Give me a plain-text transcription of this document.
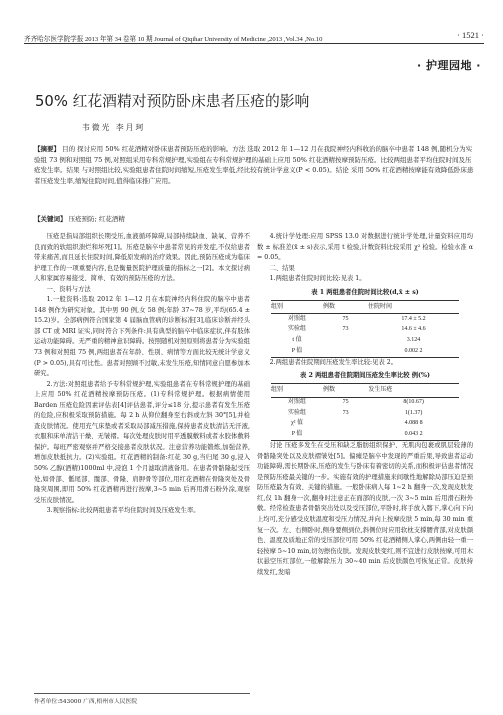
齐齐哈尔医学院学报 2013 年第 34 卷第 10 期 Journal of Qiqihar University of Medicine ,2013 ,Vol.34 ,No.10	· 1521 ·
· 护理园地 ·
50% 红花酒精对预防卧床患者压疮的影响
韦微光 李月珂
【摘要】 目的 探讨应用 50% 红花酒精对卧床患者预防压疮的影响。方法 选取 2012 年 1—12 月在我院神经内科收治的脑卒中患者 148 例,随机分为实验组 73 例和对照组 75 例,对照组采用专科常规护理,实验组在专科常规护理的基础上应用 50% 红花酒精按摩预防压疮。比较两组患者平均住院时间及压疮发生率。结果 与对照组比较,实验组患者住院时间缩短,压疮发生率低,经比较有统计学意义(P < 0.05)。结论 采用 50% 红花酒精按摩能有效降低卧床患者压疮发生率,缩短住院时间,值得临床推广应用。
【关键词】 压疮预防; 红花酒精

压疮是指局部组织长期受压,血液循环障碍,局部持续缺血、缺氧、营养不良而致的软组织溃烂和坏死[1]。压疮是脑卒中患者常见的并发症,不仅给患者带来痛苦,而且延长住院时间,降低原发病的治疗效果。因此,预防压疮成为临床护理工作的一项重要内容,也是衡量医院护理质量的指标之一[2]。本文探讨病人和家属容易接受、简单、有效的预防压疮的方法。

一、资料与方法

1.一般资料:选取 2012 年 1—12 月在本院神经内科住院的脑卒中患者 148 例作为研究对象。其中男 90 例,女 58 例;年龄 37~78 岁,平均(65.4 ± 15.2)岁。全部病例符合国家第 4 届脑血管病的诊断标准[3],临床诊断并经头部 CT 或 MRI 证实,同时符合下列条件:具有典型的脑卒中临床症状,伴有肢体运动功能障碍。无严重的精神意识障碍。按照随机对照原则将患者分为实验组 73 例和对照组 75 例,两组患者在年龄、性别、病情等方面比较无统计学意义(P > 0.05),具有可比性。患者对照顾不过敏,未发生压疮,知情同意自愿参加本研究。

2.方法:对照组患者给予专科常规护理,实验组患者在专科常规护理的基础上应用 50% 红花酒精按摩预防压疮。(1)专科常规护理。根据病情使用 Barden 压疮危险因素评估表[4]评估患者,评分≤18 分,提示患者有发生压疮的危险,应积极采取预防措施。每 2 h 从仰位翻身至右斜或左斜 30°[5],并检查皮肤情况。使用充气床垫或者采取局部减压措施,保持患者皮肤清洁无汗液,衣服和床单清洁干燥、无皱褶。每次处理皮肤时用平透膜敷料或者水胶体敷料保护。每班严密观察并严格交接患者皮肤状况。注意营养功能锻炼,加强营养,增加皮肤抵抗力。(2)实验组。红花酒精的制备:红花 30 g,当归尾 30 g,浸入 50% 乙醇(酒精)1000ml 中,浸泡 1 个月滤取清液备用。在患者骨骼隆起受压处,如骨部、骶尾部、髋部、骨隆、肩胛骨等部位,用红花酒精在骨隆突处及骨隆突周围,即用 50% 红花酒精再进行按摩,3~5 min 后再用滑石粉外涂,观察受压皮肤情况。

3.观察指标:比较两组患者平均住院时间及压疮发生率。

4.统计学处理:应用 SPSS 13.0 对数据进行统计学处理,计量资料应用均数 ± 标准差(x̄ ± s)表示,采用 t 检验,计数资料比较采用 χ² 检验。检验水准 α = 0.05。

二、结果

1.两组患者住院时间比较:见表 1。

表 1 两组患者住院时间比较(d,x̄ ± s)
组别	例数	住院时间
对照组	75	17.4 ± 5.2
实验组	73	14.6 ± 4.6
t 值		3.124
P 值		0.002 2

2.两组患者住院期间压疮发生率比较:见表 2。

表 2 两组患者住院期间压疮发生率比较 例(%)
组别	例数	发生压疮
对照组	75	8(10.67)
实验组	73	1(1.37)
χ² 值		4.088 8
P 值		0.043 2

讨论 压疮多发生在受压和缺乏脂肪组织保护、无肌肉包裹或肌层较薄的骨骼隆突处以及皮肤褶皱处[5]。偏瘫是脑卒中发现的严重后果,导致患者运动功能障碍,需长期卧床,压疮的发生与卧床有着密切的关系,而积极评估患者情况是预防压疮最关键的一步。实施有效的护理措施来间歇性地解除局部压迫是预防压疮最为有效、关键的措施。一般卧床病人每 1~2 h 翻身一次,发现皮肤发红,仅 1h 翻身一次,翻身时注意正在面部的皮肤,一次 3~5 min 后用滑石粉外敷。经常检查患者骨骼突出处以及受压部位,平卧时,将手放入髂下,掌心向下向上均可,充分感受皮肤温度和受压力情况,并向上按摩皮肤 5 min,每 30 min 重复一次。左、右侧卧时,侧身要侧到位,斜侧位时应用软枕支撑腰背部,对皮肤颜色、温度及质地正常的受压部位可用 50% 红花酒精侧人掌心,两侧由轻一重一轻按摩 5~10 min,切勿擦伤皮肤。发现皮肤变红,则不宜进行皮肤按摩,可用木状悬空压红部位,一般解除压力 30~40 min 后皮肤颜色可恢复正常。皮肤持续发红,发暗

作者单位:543000 广西,梧州市人民医院
